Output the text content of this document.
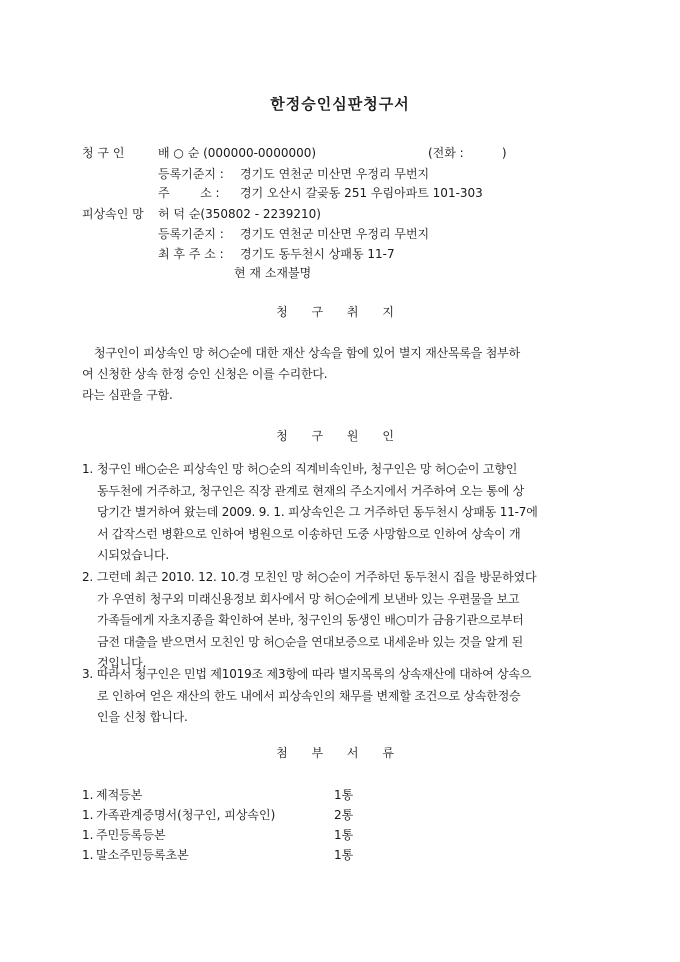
한정승인심판청구서
청 구 인	배 ○ 순 (000000-0000000)	(전화 :          )
등록기준지 : 경기도 연천군 미산면 우정리 무번지
주        소 : 경기 오산시 갈곶동 251 우림아파트 101-303
피상속인 망 허 덕 순(350802 - 2239210)
등록기준지 : 경기도 연천군 미산면 우정리 무번지
최 후 주 소 : 경기도 동두천시 상패동 11-7
현 재 소재불명
청 구 취 지
청구인이 피상속인 망 허○순에 대한 재산 상속을 함에 있어 별지 재산목록을 첨부하
여 신청한 상속 한정 승인 신청은 이를 수리한다.
라는 심판을 구함.
청 구 원 인
1. 청구인 배○순은 피상속인 망 허○순의 직계비속인바, 청구인은 망 허○순이 고향인
동두천에 거주하고, 청구인은 직장 관계로 현재의 주소지에서 거주하여 오는 통에 상
당기간 별거하여 왔는데 2009. 9. 1. 피상속인은 그 거주하던 동두천시 상패동 11-7에
서 갑작스런 병환으로 인하여 병원으로 이송하던 도중 사망함으로 인하여 상속이 개
시되었습니다.
2. 그런데 최근 2010. 12. 10.경 모친인 망 허○순이 거주하던 동두천시 집을 방문하였다
가 우연히 청구외 미래신용정보 회사에서 망 허○순에게 보낸바 있는 우편물을 보고
가족들에게 자초지종을 확인하여 본바, 청구인의 동생인 배○미가 금융기관으로부터
금전 대출을 받으면서 모친인 망 허○순을 연대보증으로 내세운바 있는 것을 알게 된
것입니다.
3. 따라서 청구인은 민법 제1019조 제3항에 따라 별지목록의 상속재산에 대하여 상속으
로 인하여 얻은 재산의 한도 내에서 피상속인의 채무를 변제할 조건으로 상속한정승
인을 신청 합니다.
첨 부 서 류
1. 제적등본	1통
1. 가족관계증명서(청구인, 피상속인)	2통
1. 주민등록등본	1통
1. 말소주민등록초본	1통
